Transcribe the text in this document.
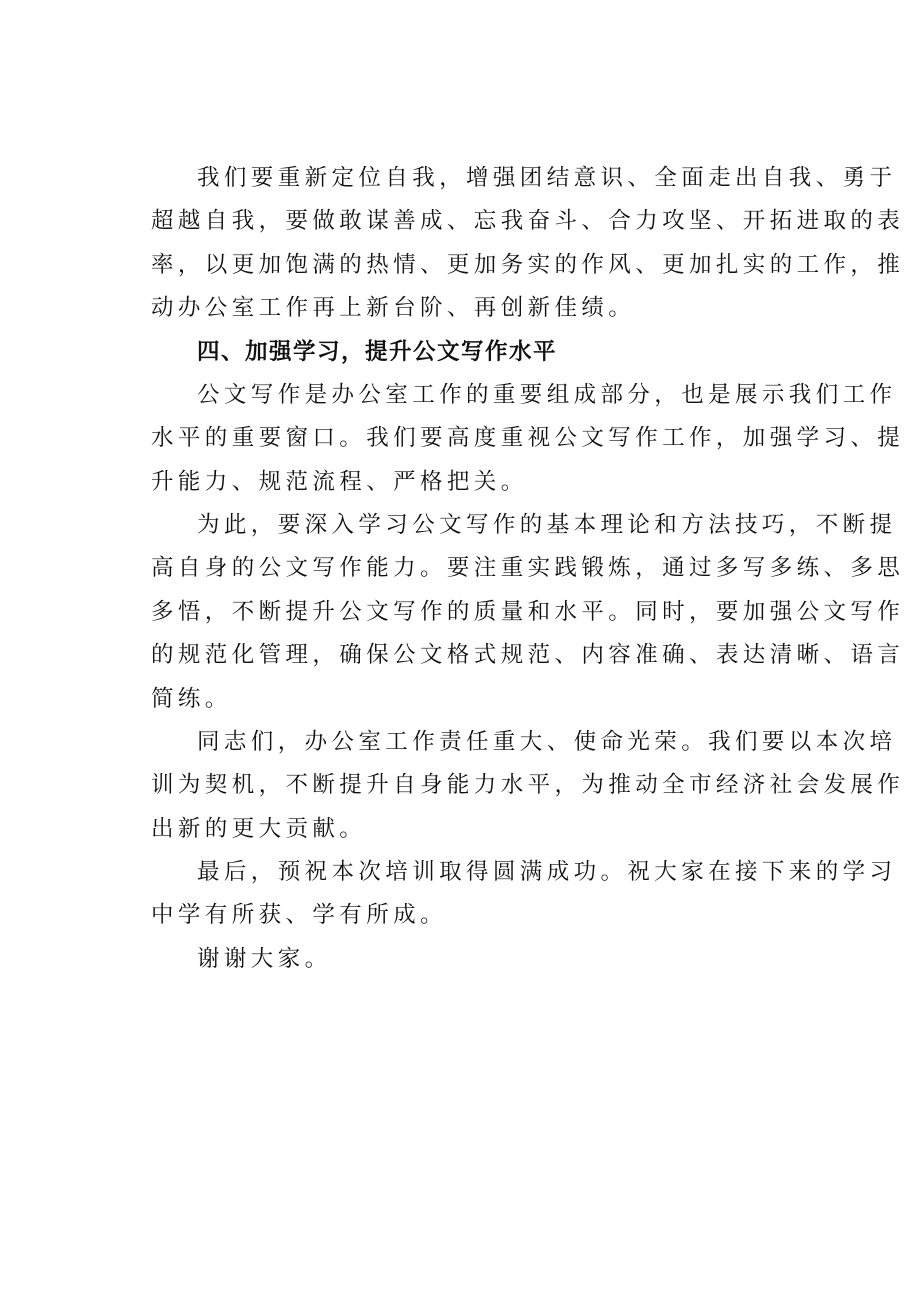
我们要重新定位自我，增强团结意识、全面走出自我、勇于
超越自我，要做敢谋善成、忘我奋斗、合力攻坚、开拓进取的表
率，以更加饱满的热情、更加务实的作风、更加扎实的工作，推
动办公室工作再上新台阶、再创新佳绩。
四、加强学习，提升公文写作水平
公文写作是办公室工作的重要组成部分，也是展示我们工作
水平的重要窗口。我们要高度重视公文写作工作，加强学习、提
升能力、规范流程、严格把关。
为此，要深入学习公文写作的基本理论和方法技巧，不断提
高自身的公文写作能力。要注重实践锻炼，通过多写多练、多思
多悟，不断提升公文写作的质量和水平。同时，要加强公文写作
的规范化管理，确保公文格式规范、内容准确、表达清晰、语言
简练。
同志们，办公室工作责任重大、使命光荣。我们要以本次培
训为契机，不断提升自身能力水平，为推动全市经济社会发展作
出新的更大贡献。
最后，预祝本次培训取得圆满成功。祝大家在接下来的学习
中学有所获、学有所成。
谢谢大家。
